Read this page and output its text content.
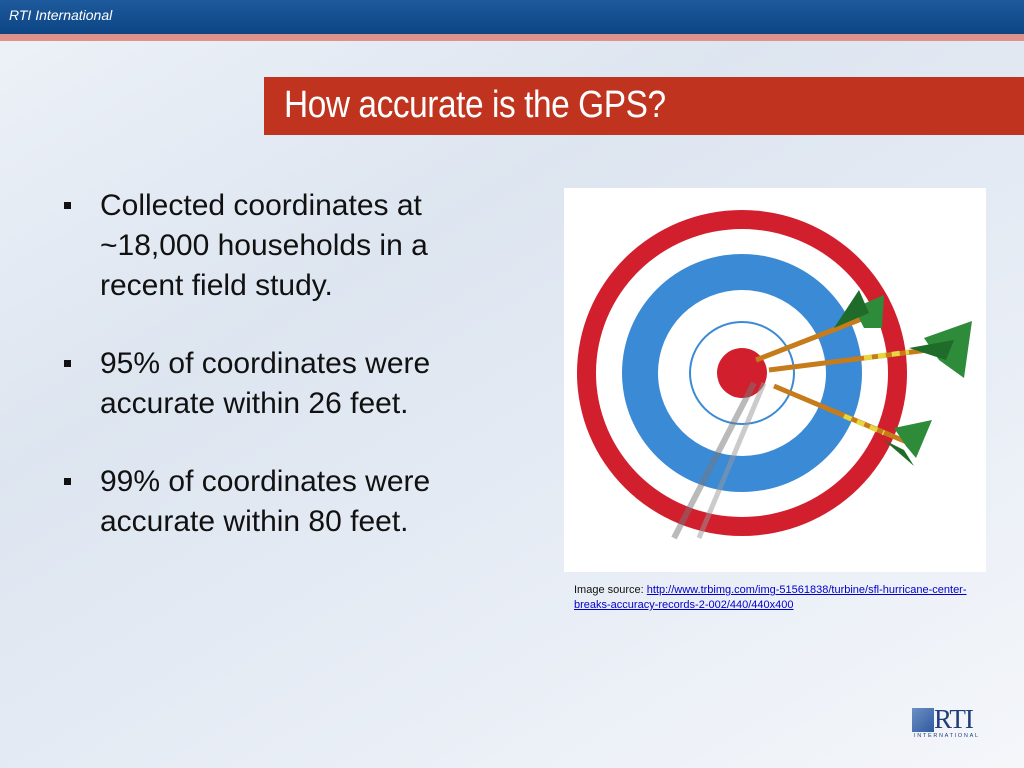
RTI International
How accurate is the GPS?
Collected coordinates at ~18,000 households in a recent field study.
95% of coordinates were accurate within 26 feet.
99% of coordinates were accurate within 80 feet.
Image source: http://www.trbimg.com/img-51561838/turbine/sfl-hurricane-center-breaks-accuracy-records-2-002/440/440x400
RTI
INTERNATIONAL
